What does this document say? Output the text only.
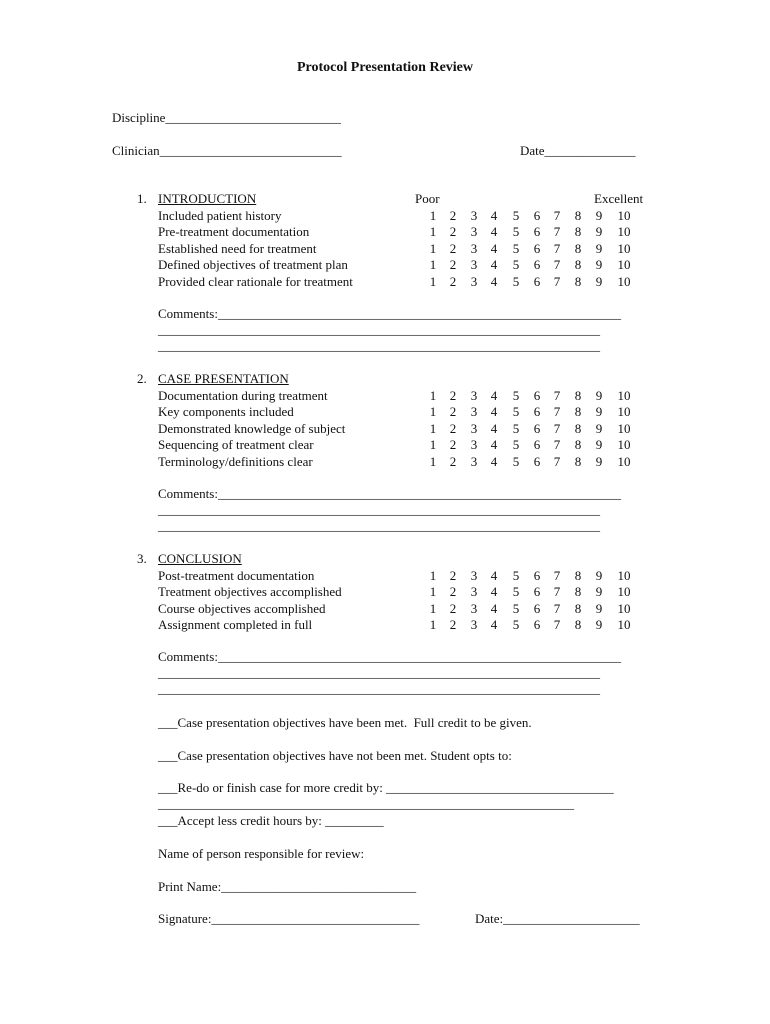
Protocol Presentation Review
Discipline___________________________
Clinician____________________________	Date______________
Poor	Excellent
1. INTRODUCTION
Included patient history	1	2	3	4	5	6	7	8	9	10
Pre-treatment documentation	1	2	3	4	5	6	7	8	9	10
Established need for treatment	1	2	3	4	5	6	7	8	9	10
Defined objectives of treatment plan	1	2	3	4	5	6	7	8	9	10
Provided clear rationale for treatment	1	2	3	4	5	6	7	8	9	10
Comments:______________________________________________________________
____________________________________________________________________
____________________________________________________________________
2. CASE PRESENTATION
Documentation during treatment	1	2	3	4	5	6	7	8	9	10
Key components included	1	2	3	4	5	6	7	8	9	10
Demonstrated knowledge of subject	1	2	3	4	5	6	7	8	9	10
Sequencing of treatment clear	1	2	3	4	5	6	7	8	9	10
Terminology/definitions clear	1	2	3	4	5	6	7	8	9	10
Comments:______________________________________________________________
____________________________________________________________________
____________________________________________________________________
3. CONCLUSION
Post-treatment documentation	1	2	3	4	5	6	7	8	9	10
Treatment objectives accomplished	1	2	3	4	5	6	7	8	9	10
Course objectives accomplished	1	2	3	4	5	6	7	8	9	10
Assignment completed in full	1	2	3	4	5	6	7	8	9	10
Comments:______________________________________________________________
____________________________________________________________________
____________________________________________________________________
___Case presentation objectives have been met.  Full credit to be given.
___Case presentation objectives have not been met. Student opts to:
___Re-do or finish case for more credit by: ___________________________________
________________________________________________________________
___Accept less credit hours by: _________
Name of person responsible for review:
Print Name:______________________________
Signature:________________________________	Date:_____________________
